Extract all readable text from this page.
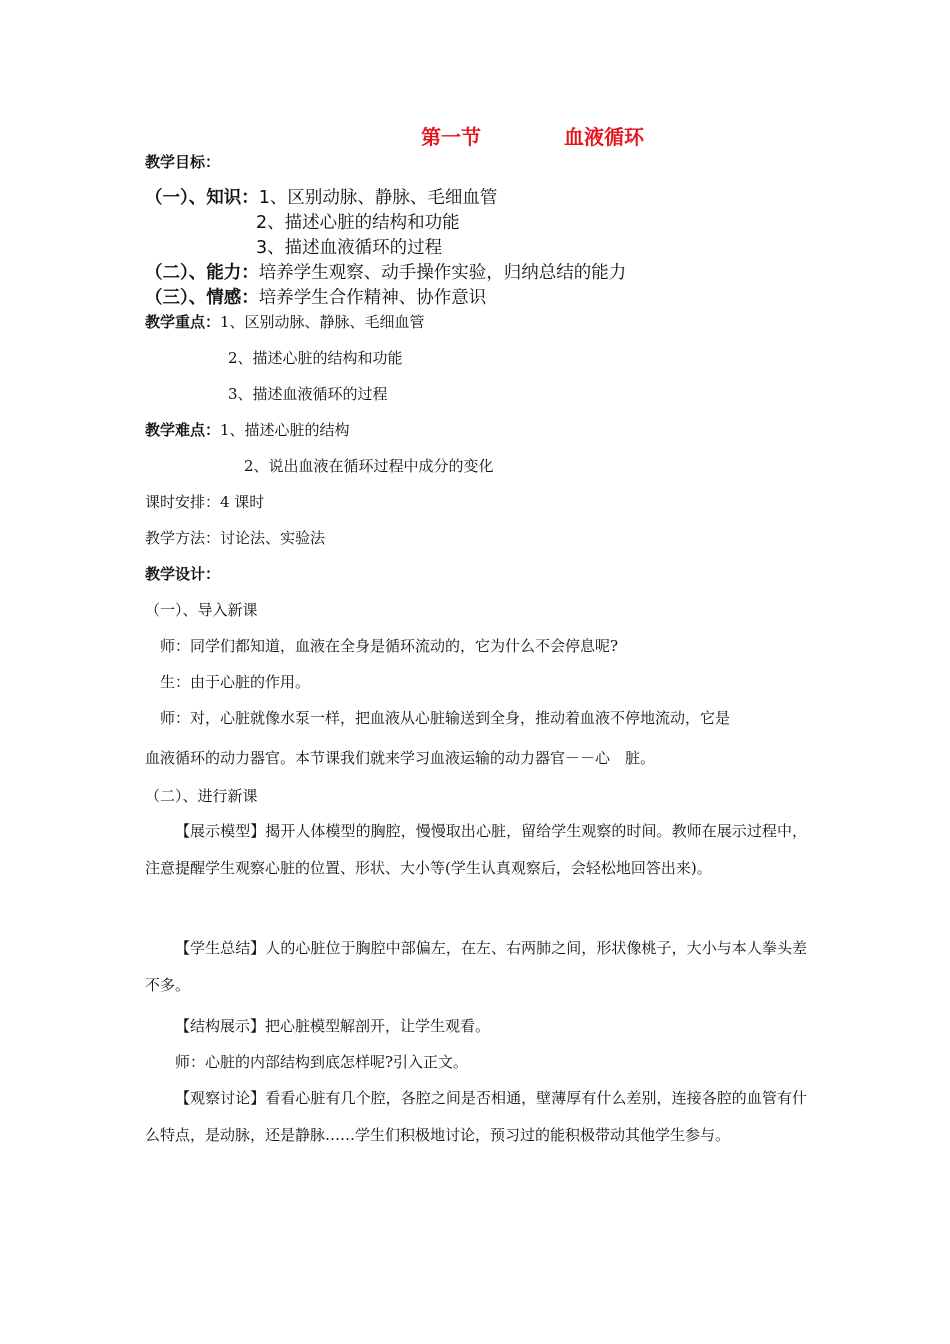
第一节	血液循环
教学目标：
（一）、知识：1、区别动脉、静脉、毛细血管
2、描述心脏的结构和功能
3、描述血液循环的过程
（二）、能力：培养学生观察、动手操作实验，归纳总结的能力
（三）、情感：培养学生合作精神、协作意识
教学重点：1、区别动脉、静脉、毛细血管
2、描述心脏的结构和功能
3、描述血液循环的过程
教学难点：1、描述心脏的结构
2、说出血液在循环过程中成分的变化
课时安排：4 课时
教学方法：讨论法、实验法
教学设计：
（一）、导入新课
师：同学们都知道，血液在全身是循环流动的，它为什么不会停息呢?
生：由于心脏的作用。
师：对，心脏就像水泵一样，把血液从心脏输送到全身，推动着血液不停地流动，它是
血液循环的动力器官。本节课我们就来学习血液运输的动力器官－－心　脏。
（二）、进行新课
【展示模型】揭开人体模型的胸腔，慢慢取出心脏，留给学生观察的时间。教师在展示过程中，注意提醒学生观察心脏的位置、形状、大小等(学生认真观察后，会轻松地回答出来)。
【学生总结】人的心脏位于胸腔中部偏左，在左、右两肺之间，形状像桃子，大小与本人拳头差不多。
【结构展示】把心脏模型解剖开，让学生观看。
师：心脏的内部结构到底怎样呢?引入正文。
【观察讨论】看看心脏有几个腔，各腔之间是否相通，壁薄厚有什么差别，连接各腔的血管有什么特点，是动脉，还是静脉……学生们积极地讨论，预习过的能积极带动其他学生参与。
